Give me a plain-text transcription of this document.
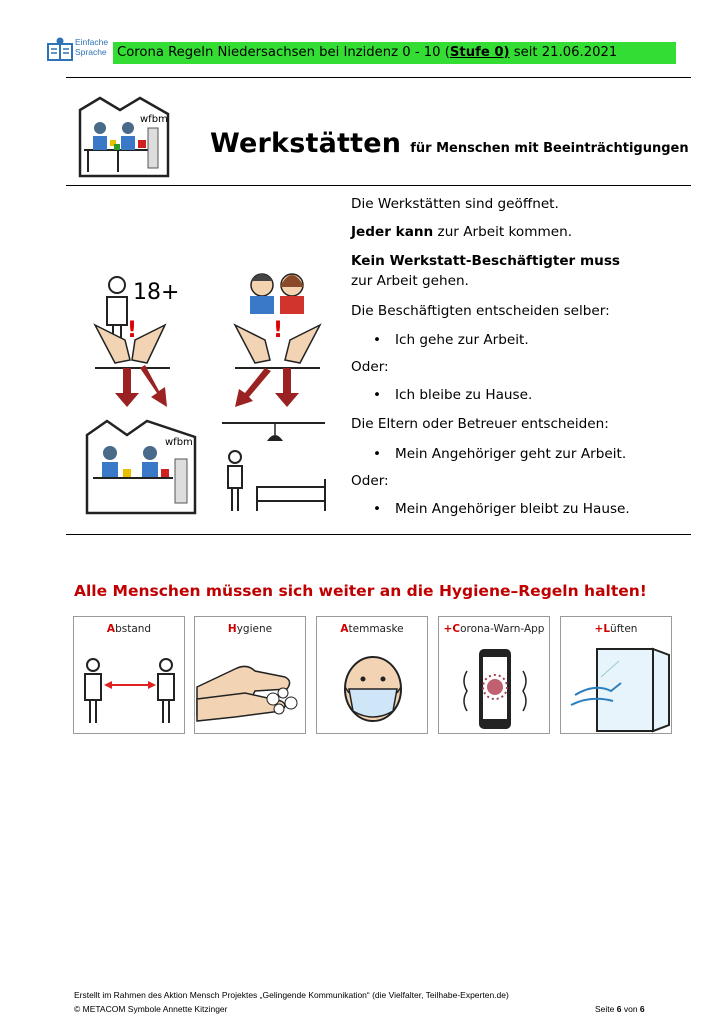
Einfache
Sprache Corona Regeln Niedersachsen bei Inzidenz 0 - 10 (Stufe 0) seit 21.06.2021
wfbm
Werkstätten für Menschen mit Beeinträchtigungen
18+
!	!
wfbm
Die Werkstätten sind geöffnet.
Jeder kann zur Arbeit kommen.
Kein Werkstatt-Beschäftigter muss
zur Arbeit gehen.
Die Beschäftigten entscheiden selber:
• Ich gehe zur Arbeit.
Oder:
• Ich bleibe zu Hause.
Die Eltern oder Betreuer entscheiden:
• Mein Angehöriger geht zur Arbeit.
Oder:
• Mein Angehöriger bleibt zu Hause.
Alle Menschen müssen sich weiter an die Hygiene–Regeln halten!
Abstand	Hygiene	Atemmaske	+Corona-Warn-App	+Lüften
Erstellt im Rahmen des Aktion Mensch Projektes „Gelingende Kommunikation“ (die Vielfalter, Teilhabe-Experten.de)
© METACOM Symbole Annette Kitzinger	Seite 6 von 6
